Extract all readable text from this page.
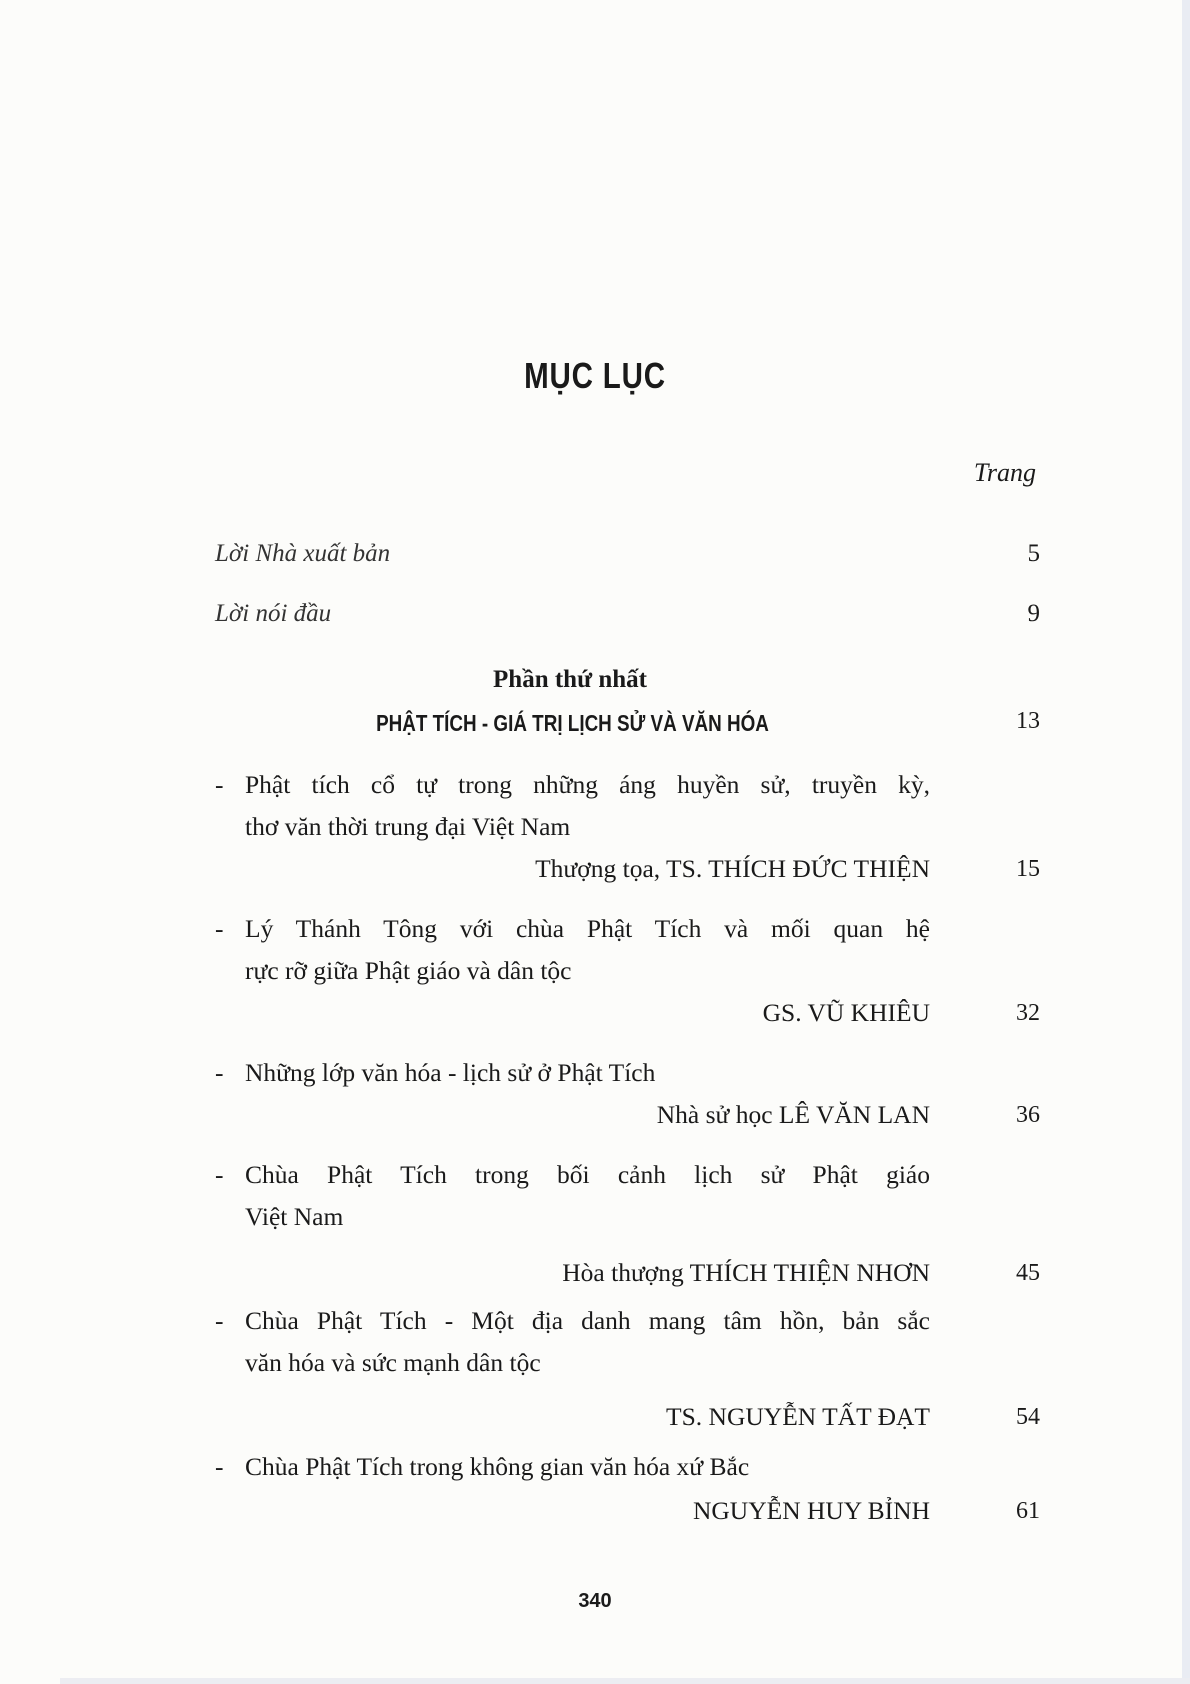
MỤC LỤC
Trang
Lời Nhà xuất bản	5
Lời nói đầu	9
Phần thứ nhất
PHẬT TÍCH - GIÁ TRỊ LỊCH SỬ VÀ VĂN HÓA	13
- Phật tích cổ tự trong những áng huyền sử, truyền kỳ,
thơ văn thời trung đại Việt Nam
Thượng tọa, TS. THÍCH ĐỨC THIỆN	15
- Lý Thánh Tông với chùa Phật Tích và mối quan hệ
rực rỡ giữa Phật giáo và dân tộc
GS. VŨ KHIÊU	32
- Những lớp văn hóa - lịch sử ở Phật Tích
Nhà sử học LÊ VĂN LAN	36
- Chùa Phật Tích trong bối cảnh lịch sử Phật giáo
Việt Nam
Hòa thượng THÍCH THIỆN NHƠN	45
- Chùa Phật Tích - Một địa danh mang tâm hồn, bản sắc
văn hóa và sức mạnh dân tộc
TS. NGUYỄN TẤT ĐẠT	54
- Chùa Phật Tích trong không gian văn hóa xứ Bắc
NGUYỄN HUY BỈNH	61
340
